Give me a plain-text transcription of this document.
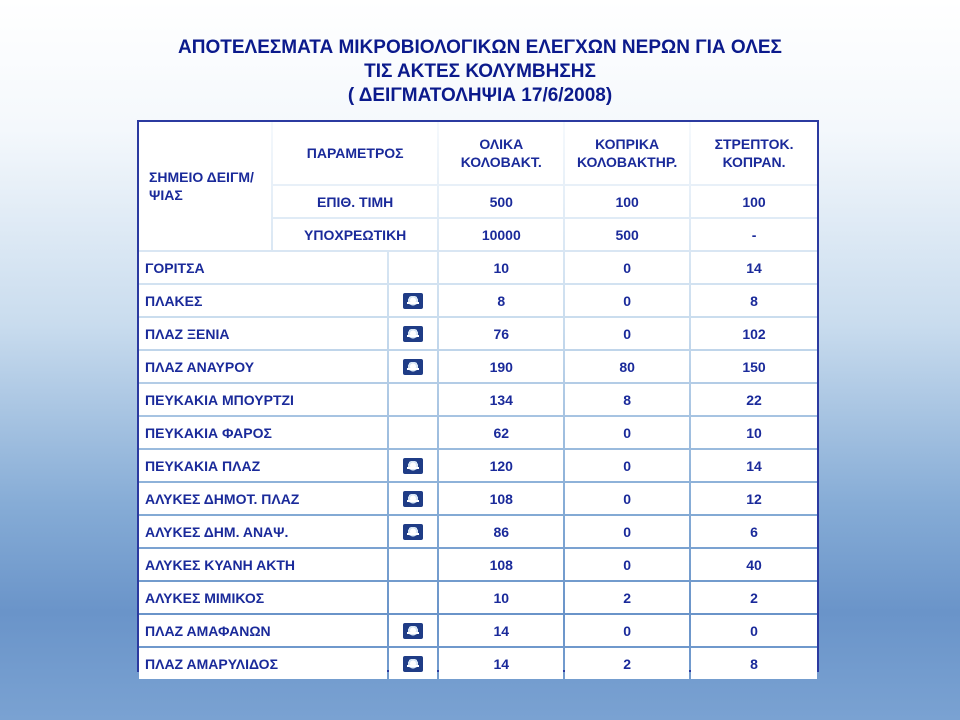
ΑΠΟΤΕΛΕΣΜΑΤΑ ΜΙΚΡΟΒΙΟΛΟΓΙΚΩΝ ΕΛΕΓΧΩΝ ΝΕΡΩΝ ΓΙΑ ΟΛΕΣ
ΤΙΣ ΑΚΤΕΣ ΚΟΛΥΜΒΗΣΗΣ
( ΔΕΙΓΜΑΤΟΛΗΨΙΑ 17/6/2008)
ΣΗΜΕΙΟ ΔΕΙΓΜ/ΨΙΑΣ	ΠΑΡΑΜΕΤΡΟΣ		ΟΛΙΚΑ ΚΟΛΟΒΑΚΤ.	ΚΟΠΡΙΚΑ ΚΟΛΟΒΑΚΤΗΡ.	ΣΤΡΕΠΤΟΚ. ΚΟΠΡΑΝ.
	ΕΠΙΘ. ΤΙΜΗ		500	100	100
	ΥΠΟΧΡΕΩΤΙΚΗ		10000	500	-
ΓΟΡΙΤΣΑ			10	0	14
ΠΛΑΚΕΣ			8	0	8
ΠΛΑΖ ΞΕΝΙΑ			76	0	102
ΠΛΑΖ ΑΝΑΥΡΟΥ			190	80	150
ΠΕΥΚΑΚΙΑ ΜΠΟΥΡΤΖΙ			134	8	22
ΠΕΥΚΑΚΙΑ ΦΑΡΟΣ			62	0	10
ΠΕΥΚΑΚΙΑ ΠΛΑΖ			120	0	14
ΑΛΥΚΕΣ ΔΗΜΟΤ. ΠΛΑΖ			108	0	12
ΑΛΥΚΕΣ ΔΗΜ. ΑΝΑΨ.			86	0	6
ΑΛΥΚΕΣ ΚΥΑΝΗ ΑΚΤΗ			108	0	40
ΑΛΥΚΕΣ ΜΙΜΙΚΟΣ			10	2	2
ΠΛΑΖ ΑΜΑΦΑΝΩΝ			14	0	0
ΠΛΑΖ ΑΜΑΡΥΛΙΔΟΣ			14	2	8
